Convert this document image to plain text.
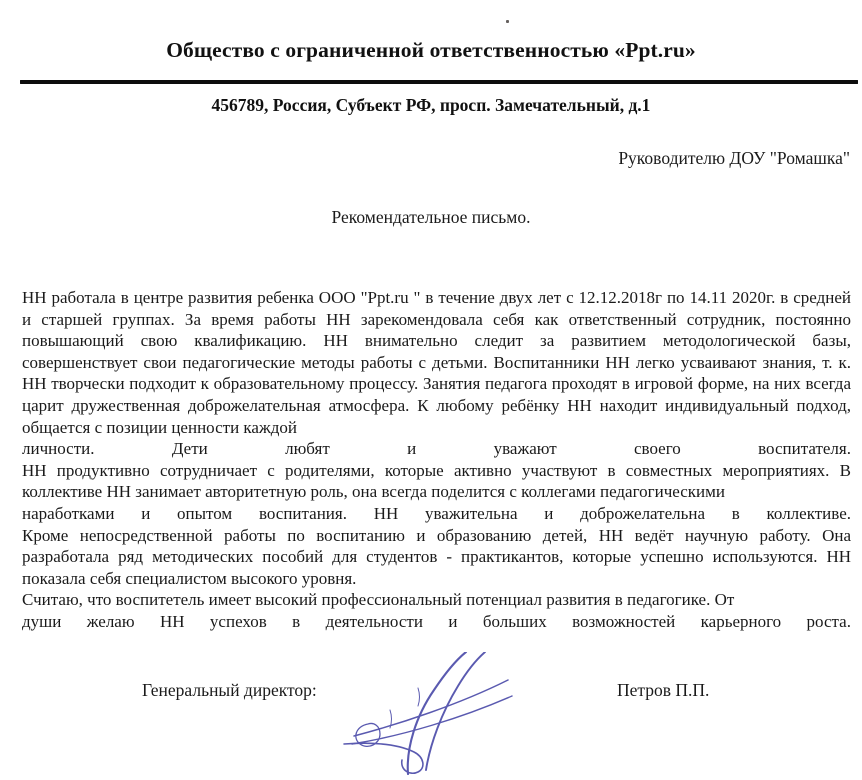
Общество с ограниченной ответственностью «Ppt.ru»
456789, Россия, Субъект РФ, просп. Замечательный, д.1
Руководителю ДОУ "Ромашка"
Рекомендательное письмо.

НН работала в центре развития ребенка ООО "Ppt.ru " в течение двух лет с 12.12.2018г по 14.11 2020г. в средней и старшей группах. За время работы НН зарекомендовала себя как ответственный сотрудник, постоянно повышающий свою квалификацию. НН внимательно следит за развитием методологической базы, совершенствует свои педагогические методы работы с детьми. Воспитанники НН легко усваивают знания, т. к. НН творчески подходит к образовательному процессу. Занятия педагога проходят в игровой форме, на них всегда царит дружественная доброжелательная атмосфера. К любому ребёнку НН находит индивидуальный подход, общается с позиции ценности каждой

личности.	Дети	любят	и	уважают	своего	воспитателя.

НН продуктивно сотрудничает с родителями, которые активно участвуют в совместных мероприятиях. В коллективе НН занимает авторитетную роль, она всегда поделится с коллегами педагогическими

наработками и опытом воспитания. НН уважительна и доброжелательна в коллективе.

Кроме непосредственной работы по воспитанию и образованию детей, НН ведёт научную работу. Она разработала ряд методических пособий для студентов - практикантов, которые успешно используются. НН показала себя специалистом высокого уровня.

Считаю, что воспитетель имеет высокий профессиональный потенциал развития в педагогике. От

души желаю НН успехов в деятельности и больших возможностей карьерного роста.
Генеральный директор:	Петров П.П.
